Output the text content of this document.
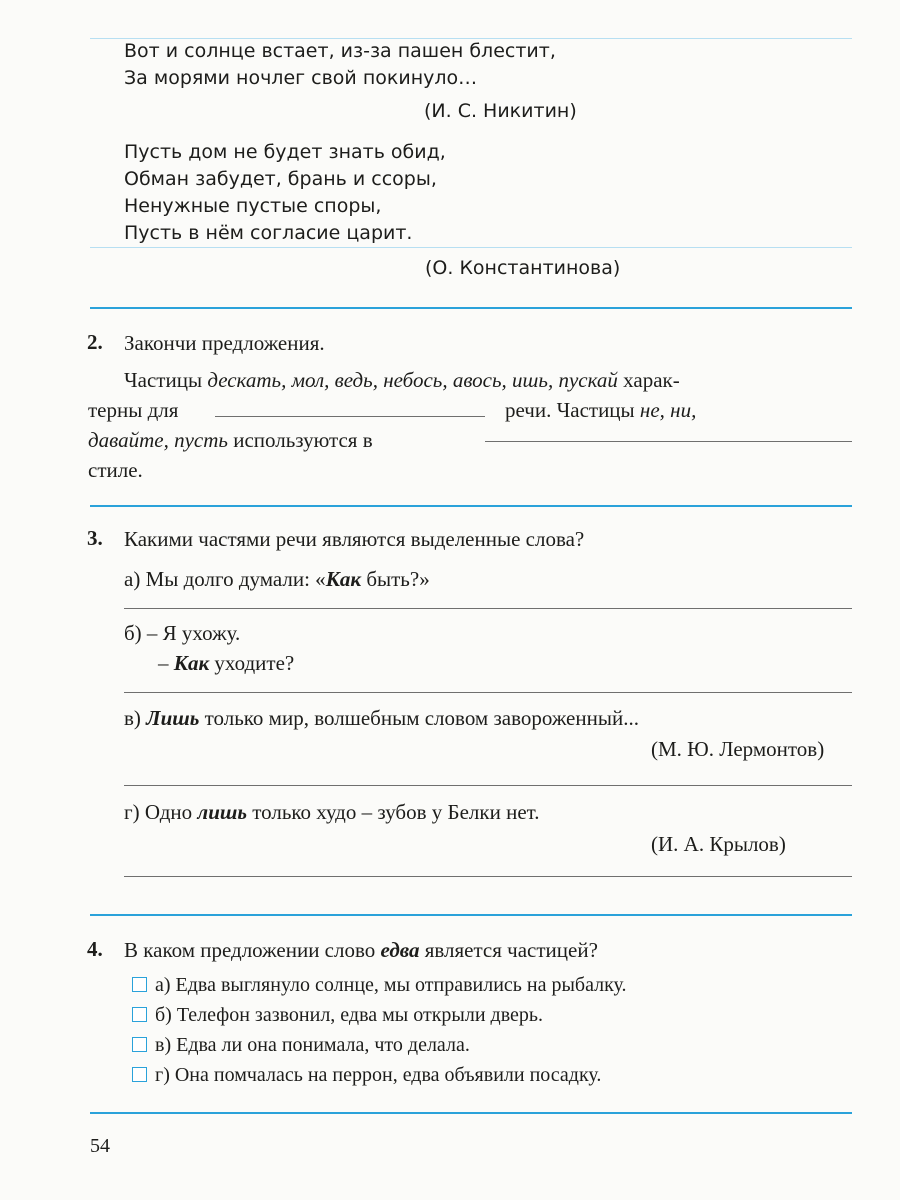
Вот и солнце встает, из-за пашен блестит,
За морями ночлег свой покинуло…
(И. С. Никитин)
Пусть дом не будет знать обид,
Обман забудет, брань и ссоры,
Ненужные пустые споры,
Пусть в нём согласие царит.
(О. Константинова)
2. Закончи предложения.
Частицы дескать, мол, ведь, небось, авось, ишь, пускай харак-
терны для	речи. Частицы не, ни,
давайте, пусть используются в
стиле.
3. Какими частями речи являются выделенные слова?
а) Мы долго думали: «Как быть?»
б) – Я ухожу.
– Как уходите?
в) Лишь только мир, волшебным словом завороженный...
(М. Ю. Лермонтов)
г) Одно лишь только худо – зубов у Белки нет.
(И. А. Крылов)
4. В каком предложении слово едва является частицей?
а) Едва выглянуло солнце, мы отправились на рыбалку.
б) Телефон зазвонил, едва мы открыли дверь.
в) Едва ли она понимала, что делала.
г) Она помчалась на перрон, едва объявили посадку.
54
